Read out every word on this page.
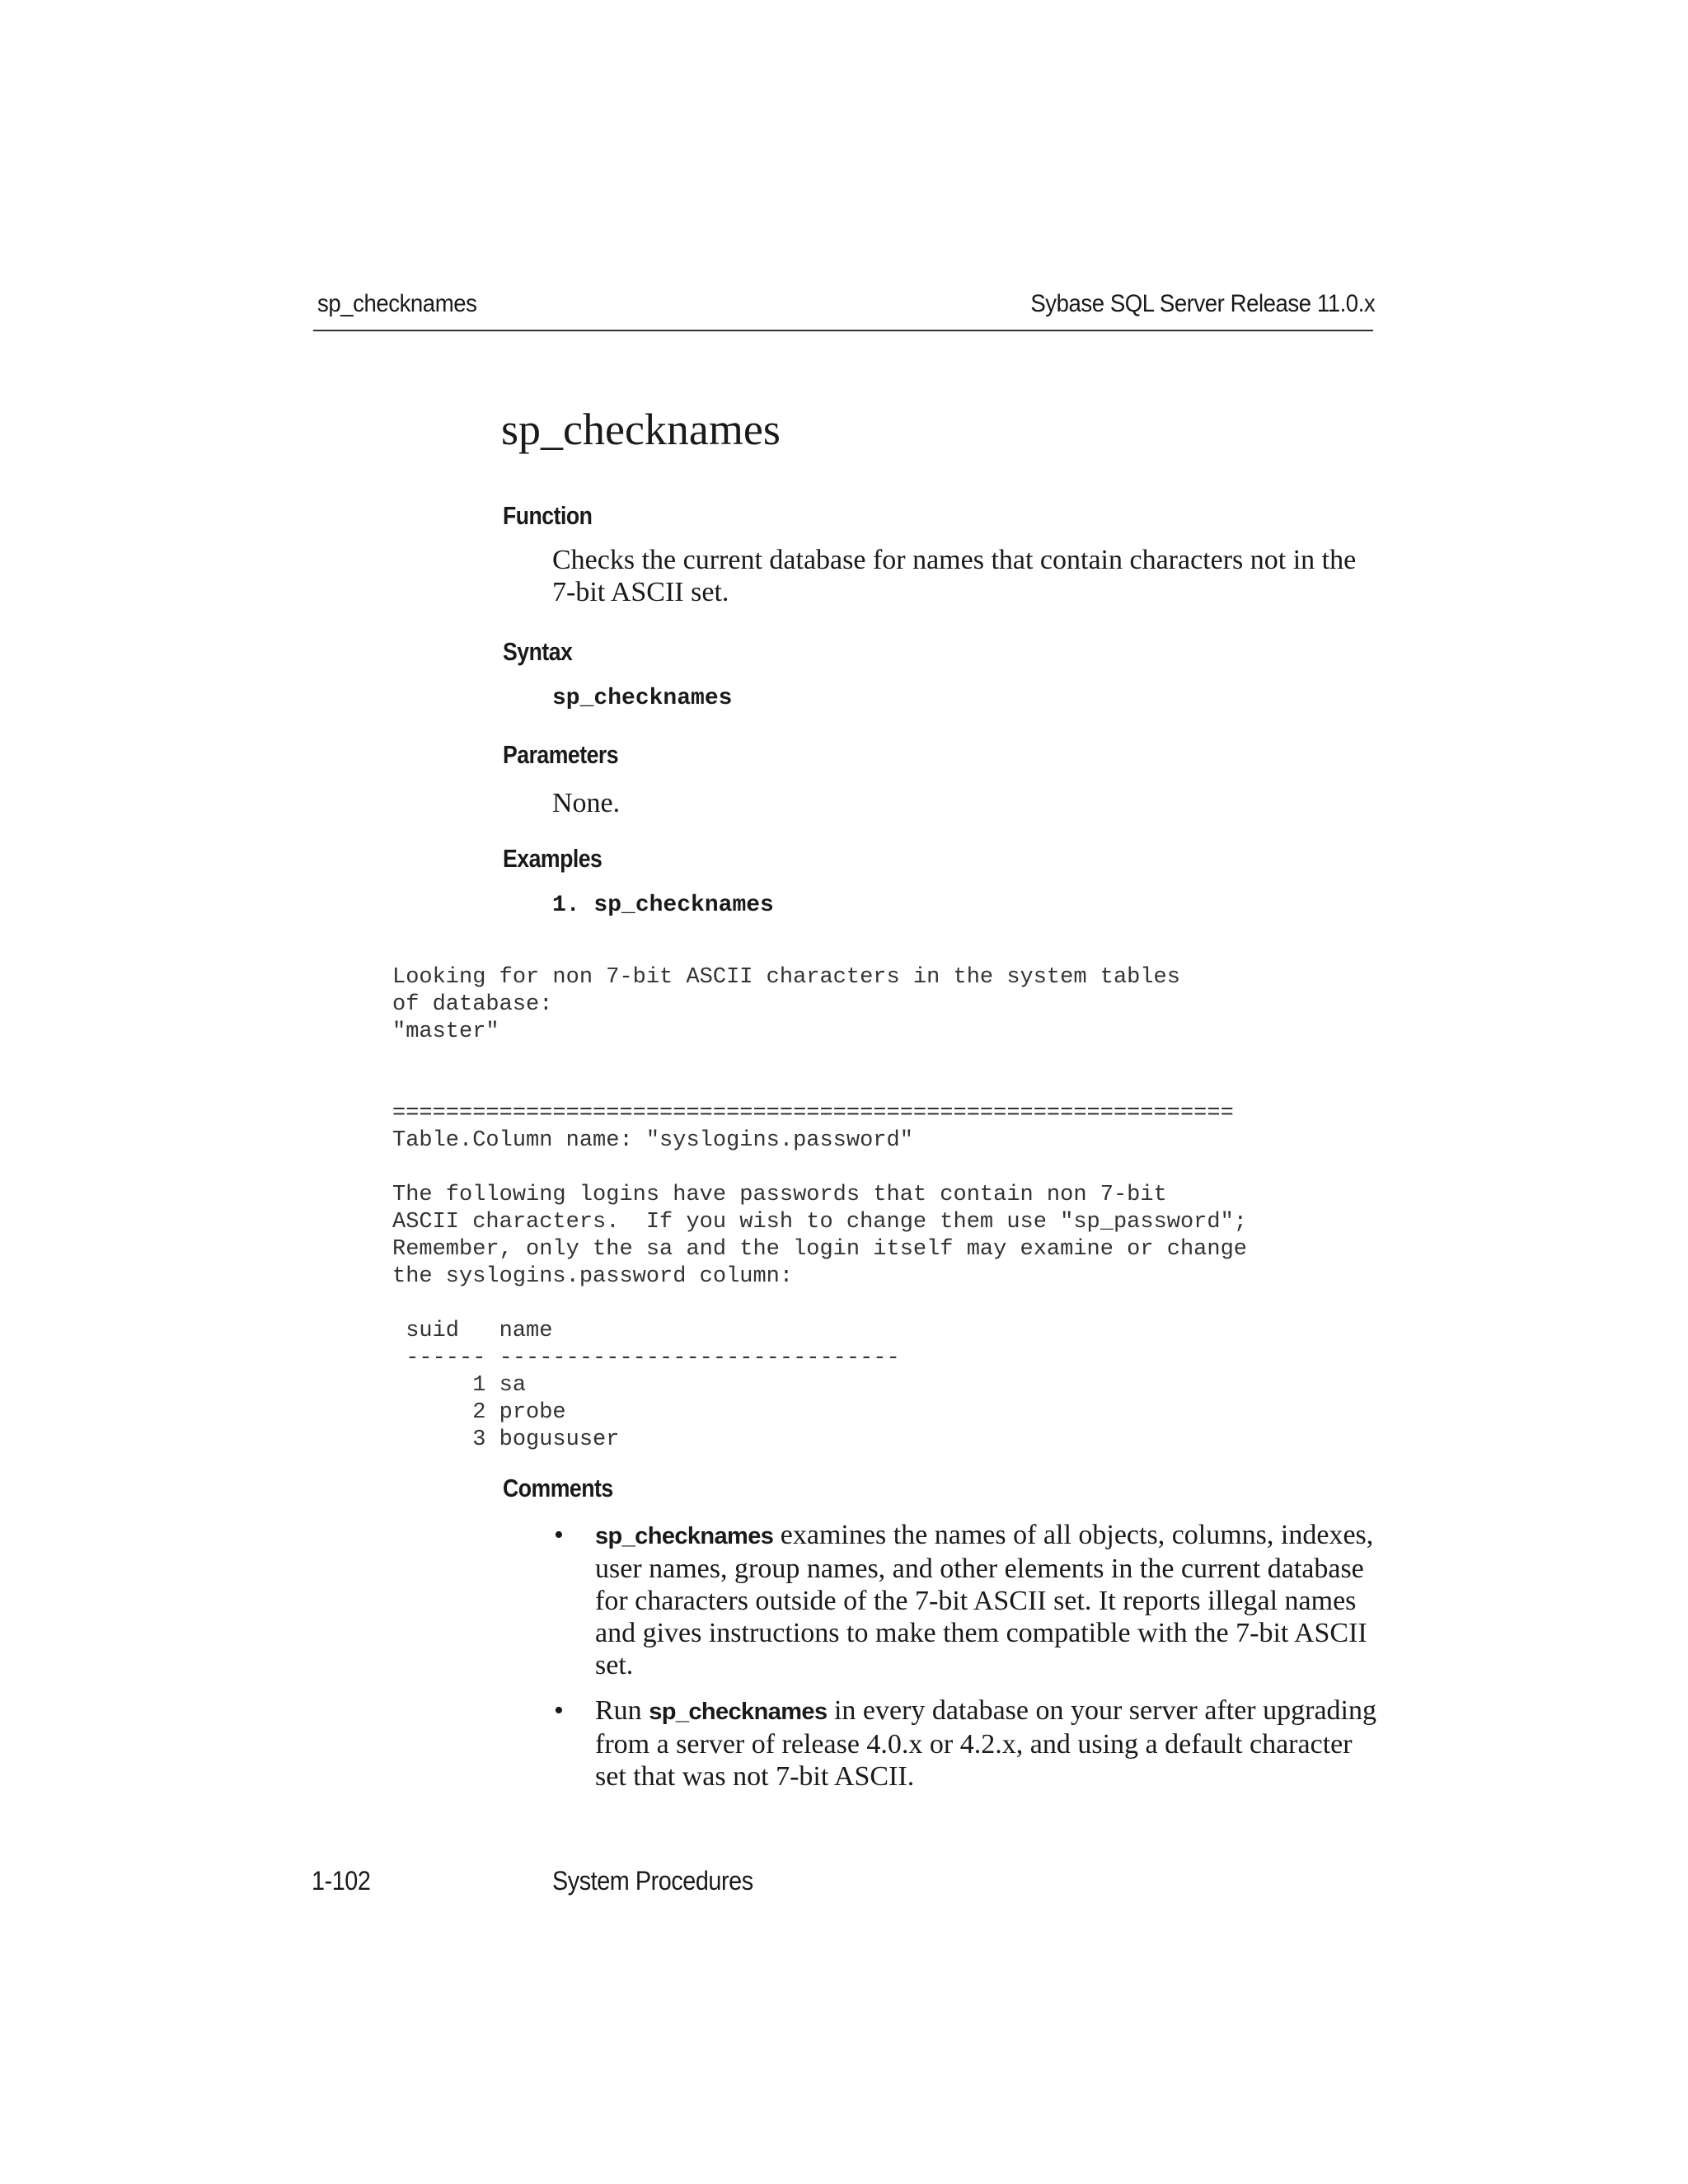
sp_checknames	Sybase SQL Server Release 11.0.x
sp_checknames
Function
Checks the current database for names that contain characters not in the 7-bit ASCII set.
Syntax
sp_checknames
Parameters
None.
Examples
1. sp_checknames
Looking for non 7-bit ASCII characters in the system tables
of database:
"master"

===============================================================
Table.Column name: "syslogins.password"

The following logins have passwords that contain non 7-bit
ASCII characters.  If you wish to change them use "sp_password";
Remember, only the sa and the login itself may examine or change
the syslogins.password column:

suid   name
------ ------------------------------
1 sa
2 probe
3 bogususer
Comments
• sp_checknames examines the names of all objects, columns, indexes, user names, group names, and other elements in the current database for characters outside of the 7-bit ASCII set. It reports illegal names and gives instructions to make them compatible with the 7-bit ASCII set.
• Run sp_checknames in every database on your server after upgrading from a server of release 4.0.x or 4.2.x, and using a default character set that was not 7-bit ASCII.
1-102	System Procedures
